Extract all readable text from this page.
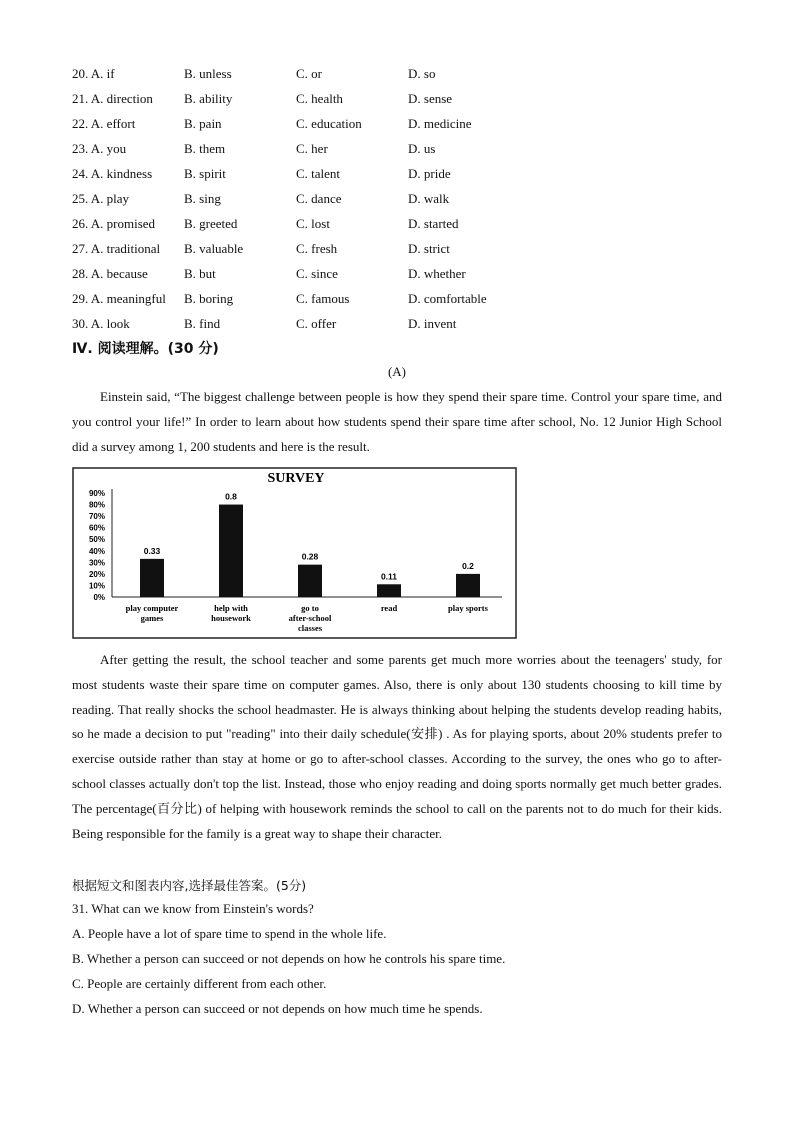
20. A. if	B. unless	C. or	D. so
21. A. direction B. ability	C. health	D. sense
22. A. effort	B. pain	C. education	D. medicine
23. A. you	B. them	C. her	D. us
24. A. kindness B. spirit	C. talent	D. pride
25. A. play	B. sing	C. dance	D. walk
26. A. promised B. greeted	C. lost	D. started
27. A. traditional B. valuable	C. fresh	D. strict
28. A. because	B. but	C. since	D. whether
29. A. meaningful B. boring	C. famous	D. comfortable
30. A. look	B. find	C. offer	D. invent
Ⅳ. 阅读理解。(30 分)
(A)

Einstein said, “The biggest challenge between people is how they spend their spare time. Control your spare time, and you control your life!” In order to learn about how students spend their spare time after school, No. 12 Junior High School did a survey among 1, 200 students and here is the result.

SURVEY
0%
10%
20%
30%
40%
50%
60%
70%
80%
90%
0.33
play computer
games
0.8
help with
housework
0.28
go to
after-school
classes
0.11
read
0.2
play sports

After getting the result, the school teacher and some parents get much more worries about the teenagers' study, for most students waste their spare time on computer games. Also, there is only about 130 students choosing to kill time by reading. That really shocks the school headmaster. He is always thinking about helping the students develop reading habits, so he made a decision to put "reading" into their daily schedule(安排) . As for playing sports, about 20% students prefer to exercise outside rather than stay at home or go to after-school classes. According to the survey, the ones who go to after-school classes actually don't top the list. Instead, those who enjoy reading and doing sports normally get much better grades. The percentage(百分比) of helping with housework reminds the school to call on the parents not to do much for their kids. Being responsible for the family is a great way to shape their character.

根据短文和图表内容,选择最佳答案。(5分)
31. What can we know from Einstein's words?
A. People have a lot of spare time to spend in the whole life.
B. Whether a person can succeed or not depends on how he controls his spare time.
C. People are certainly different from each other.
D. Whether a person can succeed or not depends on how much time he spends.
